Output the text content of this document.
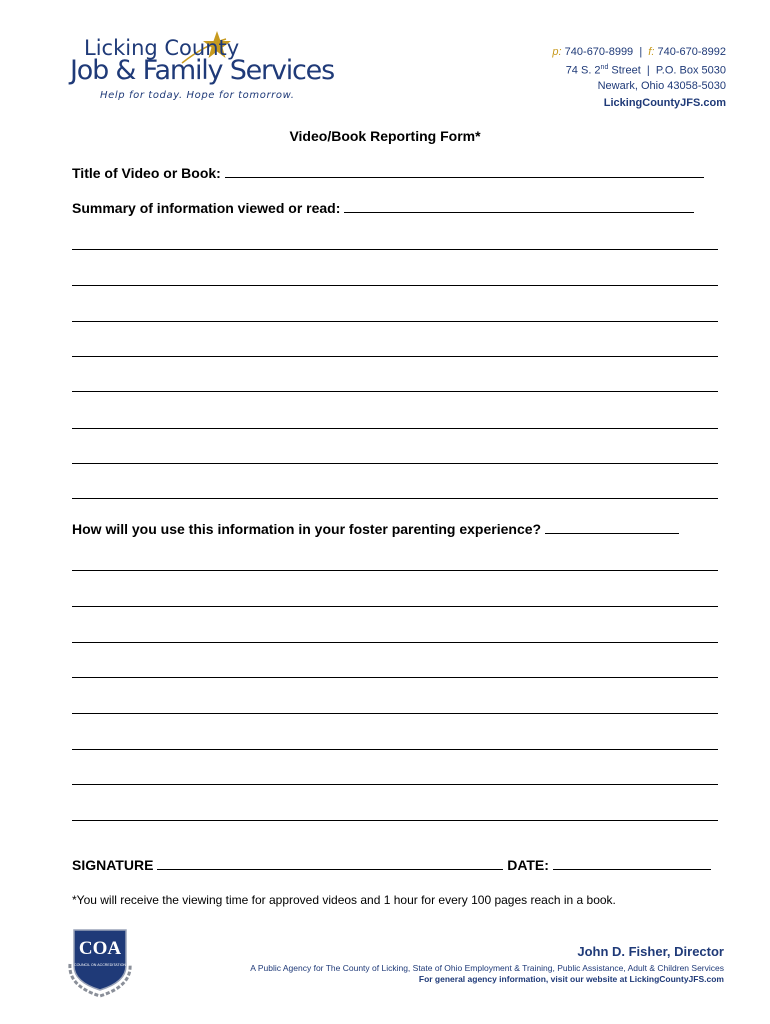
Licking County
Job & Family Services
Help for today. Hope for tomorrow.
p: 740-670-8999 | f: 740-670-8992
74 S. 2nd Street | P.O. Box 5030
Newark, Ohio 43058-5030
LickingCountyJFS.com
Video/Book Reporting Form*
Title of Video or Book:
Summary of information viewed or read:
How will you use this information in your foster parenting experience?
SIGNATURE	DATE:
*You will receive the viewing time for approved videos and 1 hour for every 100 pages reach in a book.
COA
COUNCIL ON ACCREDITATION
John D. Fisher, Director
A Public Agency for The County of Licking, State of Ohio Employment & Training, Public Assistance, Adult & Children Services
For general agency information, visit our website at LickingCountyJFS.com
